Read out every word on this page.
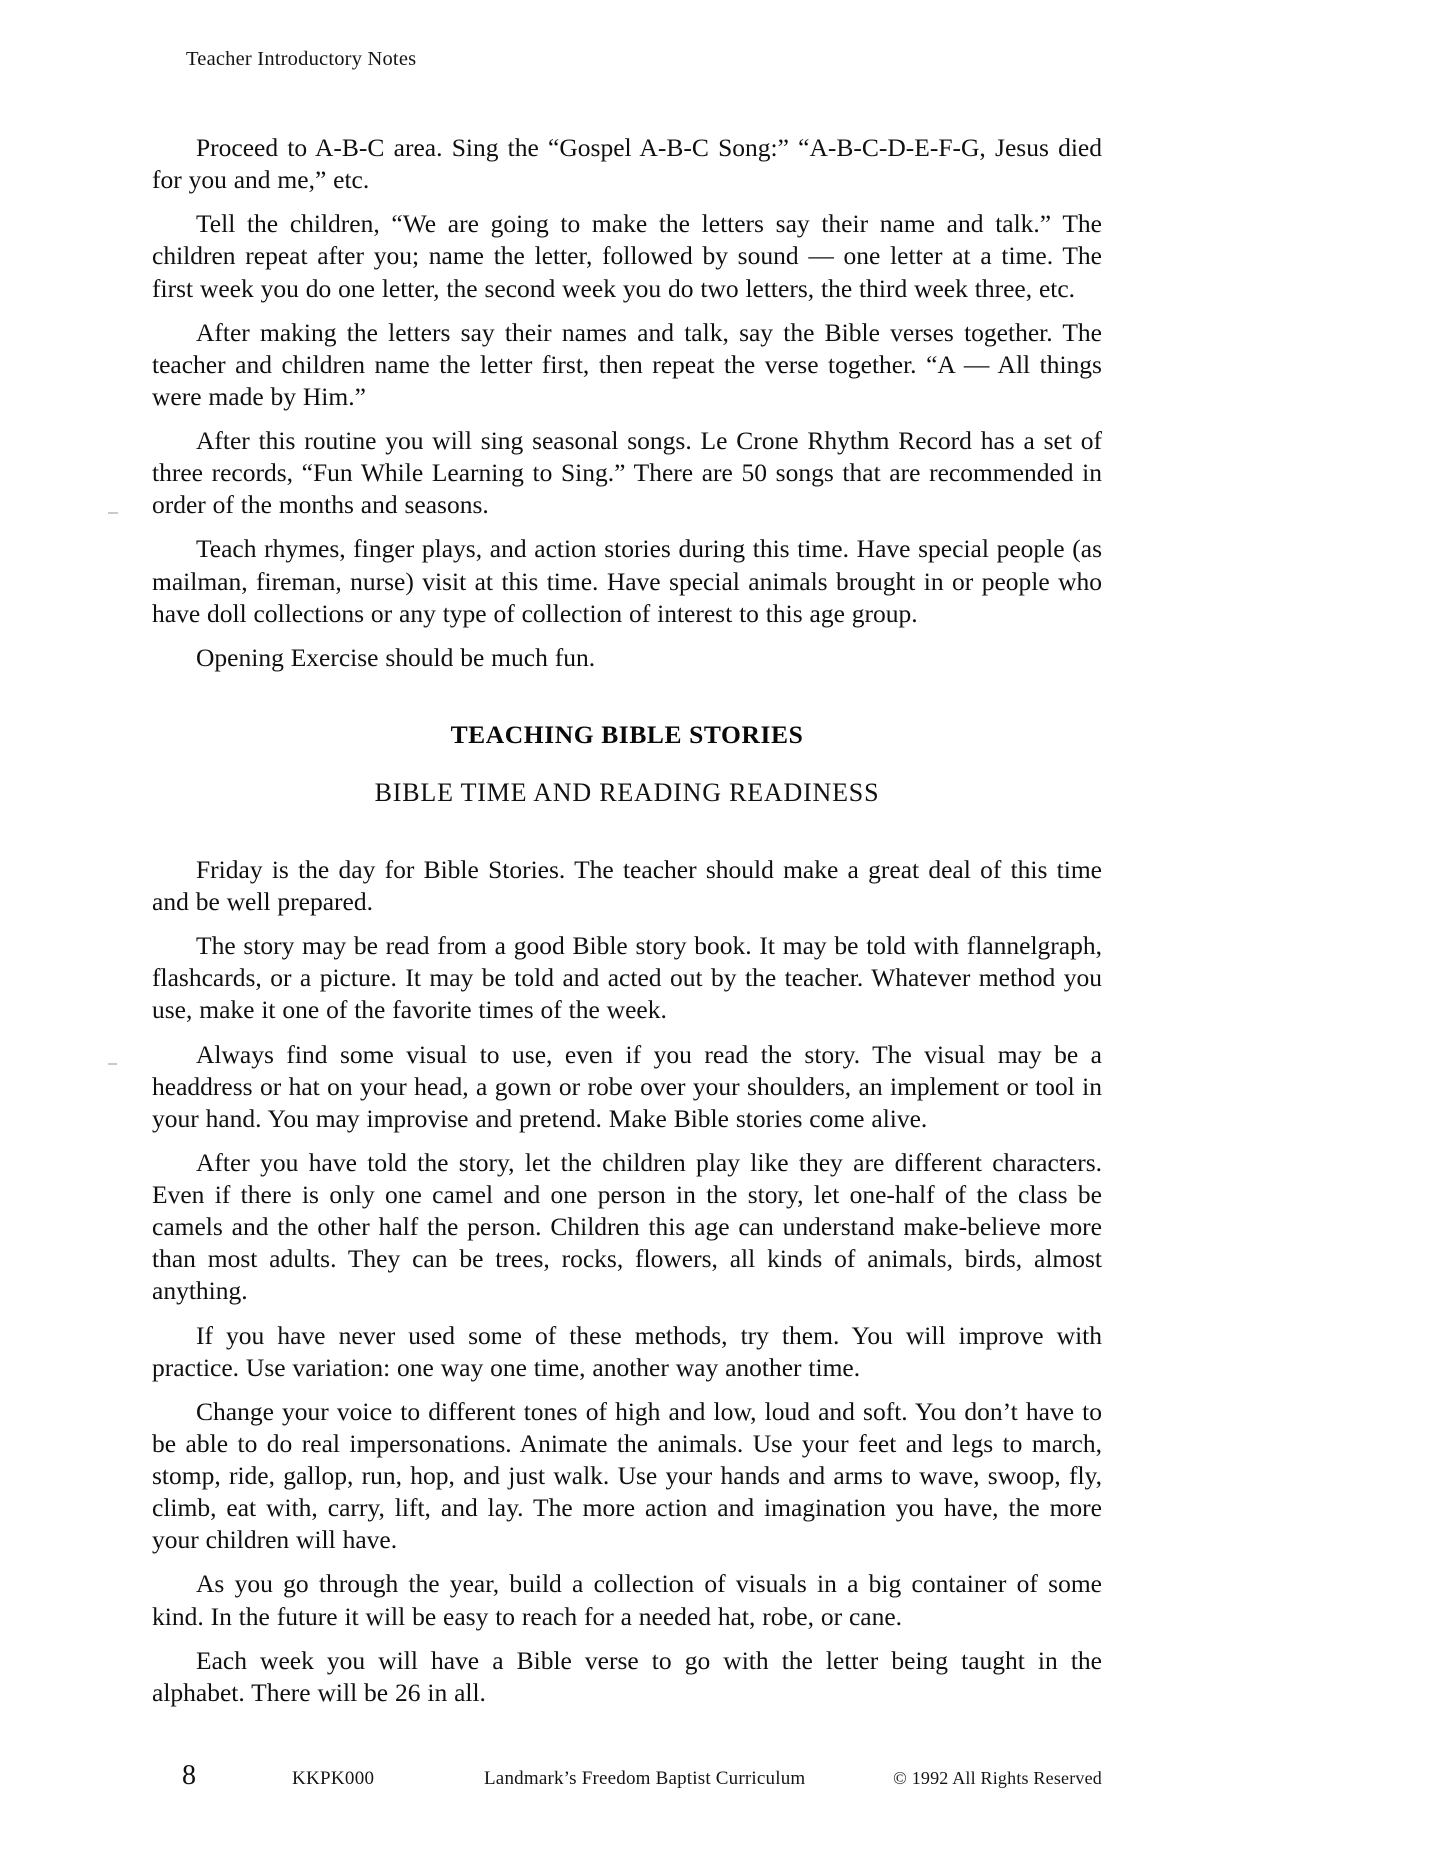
Teacher Introductory Notes

Proceed to A-B-C area. Sing the “Gospel A-B-C Song:” “A-B-C-D-E-F-G, Jesus died for you and me,” etc.

Tell the children, “We are going to make the letters say their name and talk.” The children repeat after you; name the letter, followed by sound — one letter at a time. The first week you do one letter, the second week you do two letters, the third week three, etc.

After making the letters say their names and talk, say the Bible verses together. The teacher and children name the letter first, then repeat the verse together. “A — All things were made by Him.”

After this routine you will sing seasonal songs. Le Crone Rhythm Record has a set of three records, “Fun While Learning to Sing.” There are 50 songs that are recommended in order of the months and seasons.

Teach rhymes, finger plays, and action stories during this time. Have special people (as mailman, fireman, nurse) visit at this time. Have special animals brought in or people who have doll collections or any type of collection of interest to this age group.

Opening Exercise should be much fun.

TEACHING BIBLE STORIES
BIBLE TIME AND READING READINESS

Friday is the day for Bible Stories. The teacher should make a great deal of this time and be well prepared.

The story may be read from a good Bible story book. It may be told with flannelgraph, flashcards, or a picture. It may be told and acted out by the teacher. Whatever method you use, make it one of the favorite times of the week.

Always find some visual to use, even if you read the story. The visual may be a headdress or hat on your head, a gown or robe over your shoulders, an implement or tool in your hand. You may improvise and pretend. Make Bible stories come alive.

After you have told the story, let the children play like they are different characters. Even if there is only one camel and one person in the story, let one-half of the class be camels and the other half the person. Children this age can understand make-believe more than most adults. They can be trees, rocks, flowers, all kinds of animals, birds, almost anything.

If you have never used some of these methods, try them. You will improve with practice. Use variation: one way one time, another way another time.

Change your voice to different tones of high and low, loud and soft. You don’t have to be able to do real impersonations. Animate the animals. Use your feet and legs to march, stomp, ride, gallop, run, hop, and just walk. Use your hands and arms to wave, swoop, fly, climb, eat with, carry, lift, and lay. The more action and imagination you have, the more your children will have.

As you go through the year, build a collection of visuals in a big container of some kind. In the future it will be easy to reach for a needed hat, robe, or cane.

Each week you will have a Bible verse to go with the letter being taught in the alphabet. There will be 26 in all.

8	KKPK000	Landmark’s Freedom Baptist Curriculum	© 1992 All Rights Reserved
